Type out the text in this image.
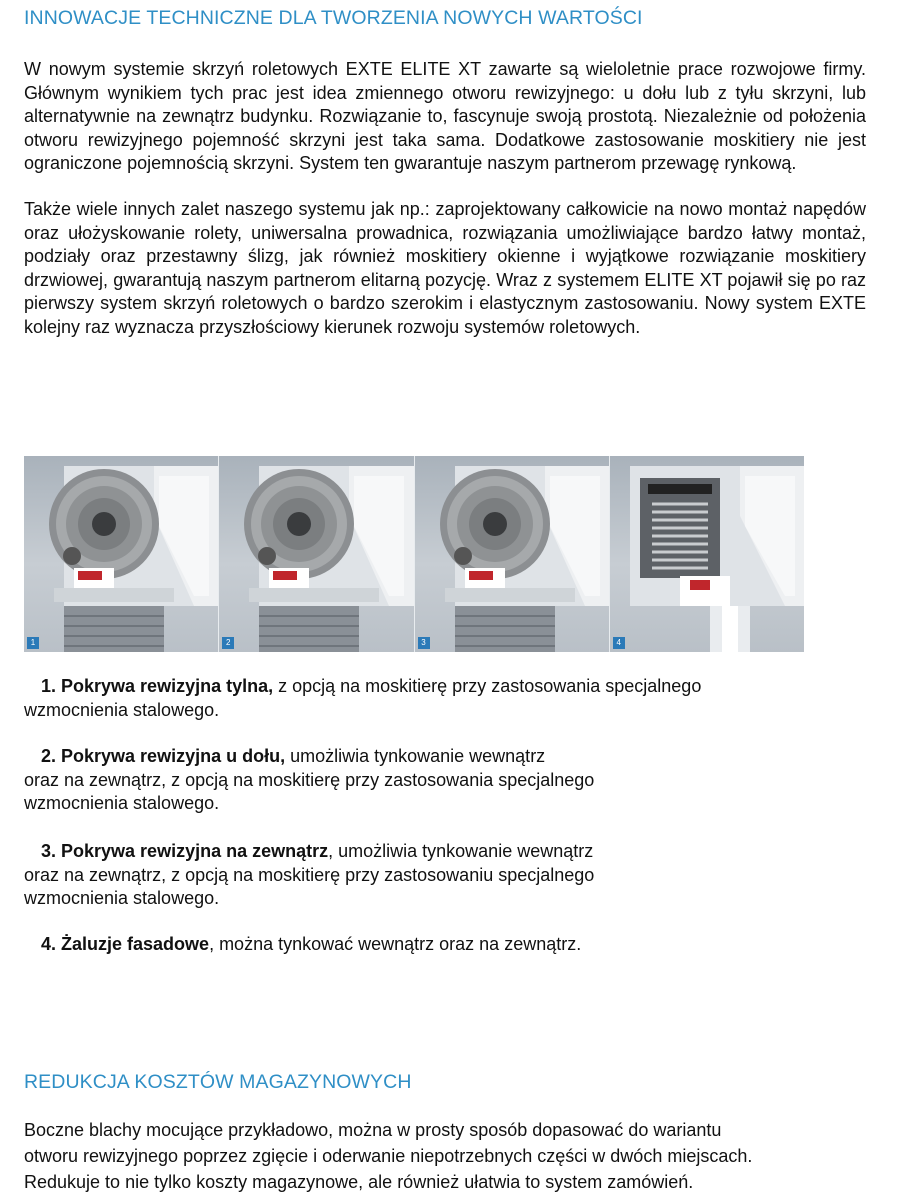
INNOWACJE TECHNICZNE DLA TWORZENIA NOWYCH WARTOŚCI

W nowym systemie skrzyń roletowych EXTE ELITE XT zawarte są wieloletnie prace rozwojowe firmy. Głównym wynikiem tych prac jest idea zmiennego otworu rewizyjnego: u dołu lub z tyłu skrzyni, lub alternatywnie na zewnątrz budynku. Rozwiązanie to, fascynuje swoją prostotą. Niezależnie od położenia otworu rewizyjnego pojemność skrzyni jest taka sama. Dodatkowe zastosowanie moskitiery nie jest ograniczone pojemnością skrzyni. System ten gwarantuje naszym partnerom przewagę rynkową.

Także wiele innych zalet naszego systemu jak np.: zaprojektowany całkowicie na nowo montaż napędów oraz ułożyskowanie rolety, uniwersalna prowadnica, rozwiązania umożliwiające bardzo łatwy montaż, podziały oraz przestawny ślizg, jak również moskitiery okienne i wyjątkowe rozwiązanie moskitiery drzwiowej, gwarantują naszym partnerom elitarną pozycję. Wraz z systemem ELITE XT pojawił się po raz pierwszy system skrzyń roletowych o bardzo szerokim i elastycznym zastosowaniu. Nowy system EXTE kolejny raz wyznacza przyszłościowy kierunek rozwoju systemów roletowych.

1	2	3	4

1. Pokrywa rewizyjna tylna, z opcją na moskitierę przy zastosowania specjalnego
wzmocnienia stalowego.

2. Pokrywa rewizyjna u dołu, umożliwia tynkowanie wewnątrz
oraz na zewnątrz, z opcją na moskitierę przy zastosowania specjalnego
wzmocnienia stalowego.

3. Pokrywa rewizyjna na zewnątrz, umożliwia tynkowanie wewnątrz
oraz na zewnątrz, z opcją na moskitierę przy zastosowaniu specjalnego
wzmocnienia stalowego.

4. Żaluzje fasadowe, można tynkować wewnątrz oraz na zewnątrz.

REDUKCJA KOSZTÓW MAGAZYNOWYCH

Boczne blachy mocujące przykładowo, można w prosty sposób dopasować do wariantu
otworu rewizyjnego poprzez zgięcie i oderwanie niepotrzebnych części w dwóch miejscach.
Redukuje to nie tylko koszty magazynowe, ale również ułatwia to system zamówień.
